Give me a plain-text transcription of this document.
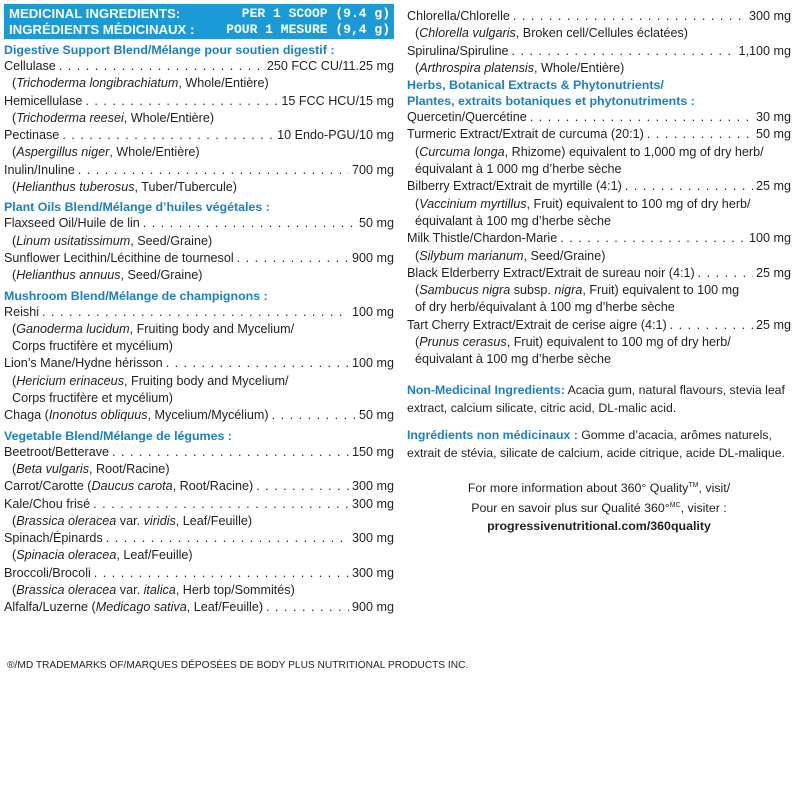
MEDICINAL INGREDIENTS:	PER 1 SCOOP (9.4 g)
INGRÉDIENTS MÉDICINAUX : POUR 1 MESURE (9,4 g)
Digestive Support Blend/Mélange pour soutien digestif :
Cellulase . . .	250 FCC CU/11.25 mg
(Trichoderma longibrachiatum, Whole/Entière)
Hemicellulase . . .	15 FCC HCU/15 mg
(Trichoderma reesei, Whole/Entière)
Pectinase . . .	10 Endo-PGU/10 mg
(Aspergillus niger, Whole/Entière)
Inulin/Inuline . . .	700 mg
(Helianthus tuberosus, Tuber/Tubercule)
Plant Oils Blend/Mélange d’huiles végétales :
Flaxseed Oil/Huile de lin . . .	50 mg
(Linum usitatissimum, Seed/Graine)
Sunflower Lecithin/Lécithine de tournesol . . .	900 mg
(Helianthus annuus, Seed/Graine)
Mushroom Blend/Mélange de champignons :
Reishi . . .	100 mg
(Ganoderma lucidum, Fruiting body and Mycelium/
Corps fructifère et mycélium)
Lion’s Mane/Hydne hérisson . . .	100 mg
(Hericium erinaceus, Fruiting body and Mycelium/
Corps fructifère et mycélium)
Chaga (Inonotus obliquus, Mycelium/Mycélium) . . .	50 mg
Vegetable Blend/Mélange de légumes :
Beetroot/Betterave . . .	150 mg
(Beta vulgaris, Root/Racine)
Carrot/Carotte (Daucus carota, Root/Racine) . . .	300 mg
Kale/Chou frisé . . .	300 mg
(Brassica oleracea var. viridis, Leaf/Feuille)
Spinach/Épinards . . .	300 mg
(Spinacia oleracea, Leaf/Feuille)
Broccoli/Brocoli . . .	300 mg
(Brassica oleracea var. italica, Herb top/Sommités)
Alfalfa/Luzerne (Medicago sativa, Leaf/Feuille) . . .	900 mg
Chlorella/Chlorelle . . .	300 mg
(Chlorella vulgaris, Broken cell/Cellules éclatées)
Spirulina/Spiruline . . .	1,100 mg
(Arthrospira platensis, Whole/Entière)
Herbs, Botanical Extracts & Phytonutrients/
Plantes, extraits botaniques et phytonutriments :
Quercetin/Quercétine . . .	30 mg
Turmeric Extract/Extrait de curcuma (20:1) . . .	50 mg
(Curcuma longa, Rhizome) equivalent to 1,000 mg of dry herb/
équivalant à 1 000 mg d’herbe sèche
Bilberry Extract/Extrait de myrtille (4:1) . . .	25 mg
(Vaccinium myrtillus, Fruit) equivalent to 100 mg of dry herb/
équivalant à 100 mg d’herbe sèche
Milk Thistle/Chardon-Marie . . .	100 mg
(Silybum marianum, Seed/Graine)
Black Elderberry Extract/Extrait de sureau noir (4:1) . . .	25 mg
(Sambucus nigra subsp. nigra, Fruit) equivalent to 100 mg
of dry herb/équivalant à 100 mg d’herbe sèche
Tart Cherry Extract/Extrait de cerise aigre (4:1) . . .	25 mg
(Prunus cerasus, Fruit) equivalent to 100 mg of dry herb/
équivalant à 100 mg d’herbe sèche
Non-Medicinal Ingredients: Acacia gum, natural flavours, stevia leaf extract, calcium silicate, citric acid, DL-malic acid.
Ingrédients non médicinaux : Gomme d’acacia, arômes naturels, extrait de stévia, silicate de calcium, acide citrique, acide DL-malique.
For more information about 360° Quality™, visit/
Pour en savoir plus sur Qualité 360°$^{MC}$, visiter :
progressivenutritional.com/360quality
®/MD TRADEMARKS OF/MARQUES DÉPOSÉES DE BODY PLUS NUTRITIONAL PRODUCTS INC.
